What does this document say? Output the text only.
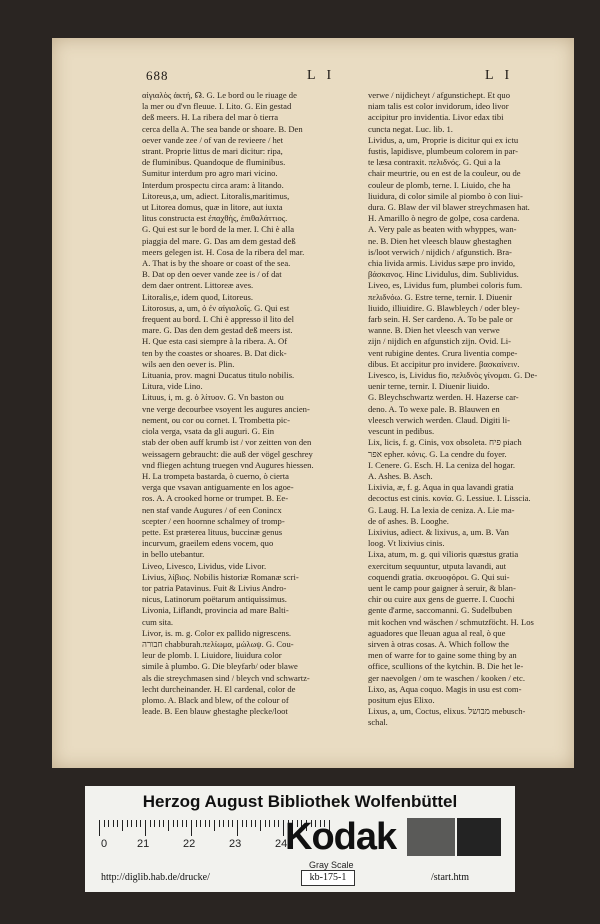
688	L I	L I
αἰγιαλὸς ἀκτή, ☊. G. Le bord ou le riuage de
la mer ou d'vn fleuue. I. Lito. G. Ein gestad
deß meers. H. La ribera del mar ò tierra
cerca della A. The sea bande or shoare. B. Den
oever vande zee / of van de revieere / het
strant. Proprie littus de mari dicitur: ripa,
de fluminibus. Quandoque de fluminibus.
Sumitur interdum pro agro mari vicino.
Interdum prospectu circa aram: à litando.
Litoreus,a, um, adiect. Litoralis,maritimus,
ut Litorea domus, quæ in litore, aut iuxta
litus constructa est ἐπαχθὴς, ἐπιθαλάττιος.
G. Qui est sur le bord de la mer. I. Chi è alla
piaggia del mare. G. Das am dem gestad deß
meers gelegen ist. H. Cosa de la ribera del mar.
A. That is by the shoare or coast of the sea.
B. Dat op den oever vande zee is / of dat
dem daer ontrent. Littoreæ aves.
Litoralis,e, idem quod, Litoreus.
Litorosus, a, um, ὁ ἐν αἰγιαλοῖς. G. Qui est
frequent au bord. I. Chi è appresso il lito del
mare. G. Das den dem gestad deß meers ist.
H. Que esta casi siempre à la ribera. A. Of
ten by the coastes or shoares. B. Dat dick-
wils aen den oever is. Plin.
Lituania, prov. magni Ducatus titulo nobilis.
Litura, vide Lino.
Lituus, i, m. g. ὁ λίτυον. G. Vn baston ou
vne verge decourbee vsoyent les augures ancien-
nement, ou cor ou cornet. I. Trombetta pic-
ciola verga, vsata da gli auguri. G. Ein
stab der oben auff krumb ist / vor zeitten von den
weissagern gebraucht: die auß der vögel geschrey
vnd fliegen achtung truegen vnd Augures hiessen.
H. La trompeta bastarda, ò cuerno, ò cierta
verga que vsavan antiguamente en los agoe-
ros. A. A crooked horne or trumpet. B. Ee-
nen staf vande Augures / of een Conincx
scepter / een hoornne schalmey of tromp-
pette. Est præterea lituus, buccinæ genus
incurvum, graeilem edens vocem, quo
in bello utebantur.
Liveo, Livesco, Lividus, vide Livor.
Livius, λίβιος. Nobilis historiæ Romanæ scri-
tor patria Patavinus. Fuit & Livius Andro-
nicus, Latinorum poëtarum antiquissimus.
Livonia, Liflandt, provincia ad mare Balti-
cum sita.
Livor, is. m. g. Color ex pallido nigrescens.
חבורה chabburah.πελίωμα, μώλωψ. G. Cou-
leur de plomb. I. Liuidore, liuidura color
simile à plumbo. G. Die bleyfarb/ oder blawe
als die streychmasen sind / bleych vnd schwartz-
lecht durcheinander. H. El cardenal, color de
plomo. A. Black and blew, of the colour of
leade. B. Een blauw ghestaghe plecke/loot
verwe / nijdicheyt / afgunstichept. Et quo
niam talis est color invidorum, ideo livor
accipitur pro invidentia. Livor edax tibi
cuncta negat. Luc. lib. 1.
Lividus, a, um, Proprie is dicitur qui ex ictu
fustis, lapidisve, plumbeum colorem in par-
te læsa contraxit. πελιδνός. G. Qui a la
chair meurtrie, ou en est de la couleur, ou de
couleur de plomb, terne. I. Liuido, che ha
liuidura, di color simile al piombo ò con liui-
dura. G. Blaw der vil blawer streychmasen hat.
H. Amarillo ò negro de golpe, cosa cardena.
A. Very pale as beaten with whyppes, wan-
ne. B. Dien het vleesch blauw ghestaghen
is/loot verwich / nijdich / afgunstich. Bra-
chia livida armis. Lividus sæpe pro invido,
βάσκανος. Hinc Lividulus, dim. Sublividus.
Liveo, es, Lividus fum, plumbei coloris fum.
πελιδνόω. G. Estre terne, ternir. I. Diuenir
liuido, illiuidire. G. Blawbleych / oder bley-
farb sein. H. Ser cardeno. A. To be pale or
wanne. B. Dien het vleesch van verwe
zijn / nijdich en afgunstich zijn. Ovid. Li-
vent rubigine dentes. Crura liventia compe-
dibus. Et accipitur pro invidere. βασκαίνειν.
Livesco, is, Lividus fio, πελιδνὸς γίνομαι. G. De-
uenir terne, ternir. I. Diuenir liuido.
G. Bleychschwartz werden. H. Hazerse car-
deno. A. To wexe pale. B. Blauwen en
vleesch verwich werden. Claud. Digiti li-
vescunt in pedibus.
Lix, licis, f. g. Cinis, vox obsoleta. פיח piach
אפר epher. κόνις. G. La cendre du foyer.
I. Cenere. G. Esch. H. La ceniza del hogar.
A. Ashes. B. Asch.
Lixivia, æ, f. g. Aqua in qua lavandi gratia
decoctus est cinis. κονία. G. Lessiue. I. Lisscia.
G. Laug. H. La lexia de ceniza. A. Lie ma-
de of ashes. B. Looghe.
Lixivius, adiect. & lixivus, a, um. B. Van
loog. Vt lixivius cinis.
Lixa, atum, m. g. qui vilioris quæstus gratia
exercitum sequuntur, utputa lavandi, aut
coquendi gratia. σκευοφόροι. G. Qui sui-
uent le camp pour gaigner à seruir, & blan-
chir ou cuire aux gens de guerre. I. Cuochi
gente d'arme, saccomanni. G. Sudelbuben
mit kochen vnd wäschen / schmutzföcht. H. Los
aguadores que lleuan agua al real, ò que
sirven à otras cosas. A. Which follow the
men of warre for to gaine some thing by an
office, scullions of the kytchin. B. Die het le-
ger naevolgen / om te waschen / kooken / etc.
Lixo, as, Aqua coquo. Magis in usu est com-
positum ejus Elixo.
Lixus, a, um, Coctus, elixus. מבושל mebusch-
schal.
Herzog August Bibliothek Wolfenbüttel
0	21	22	23	24
Kodak
Gray Scale
http://diglib.hab.de/drucke/	kb-175-1	/start.htm
